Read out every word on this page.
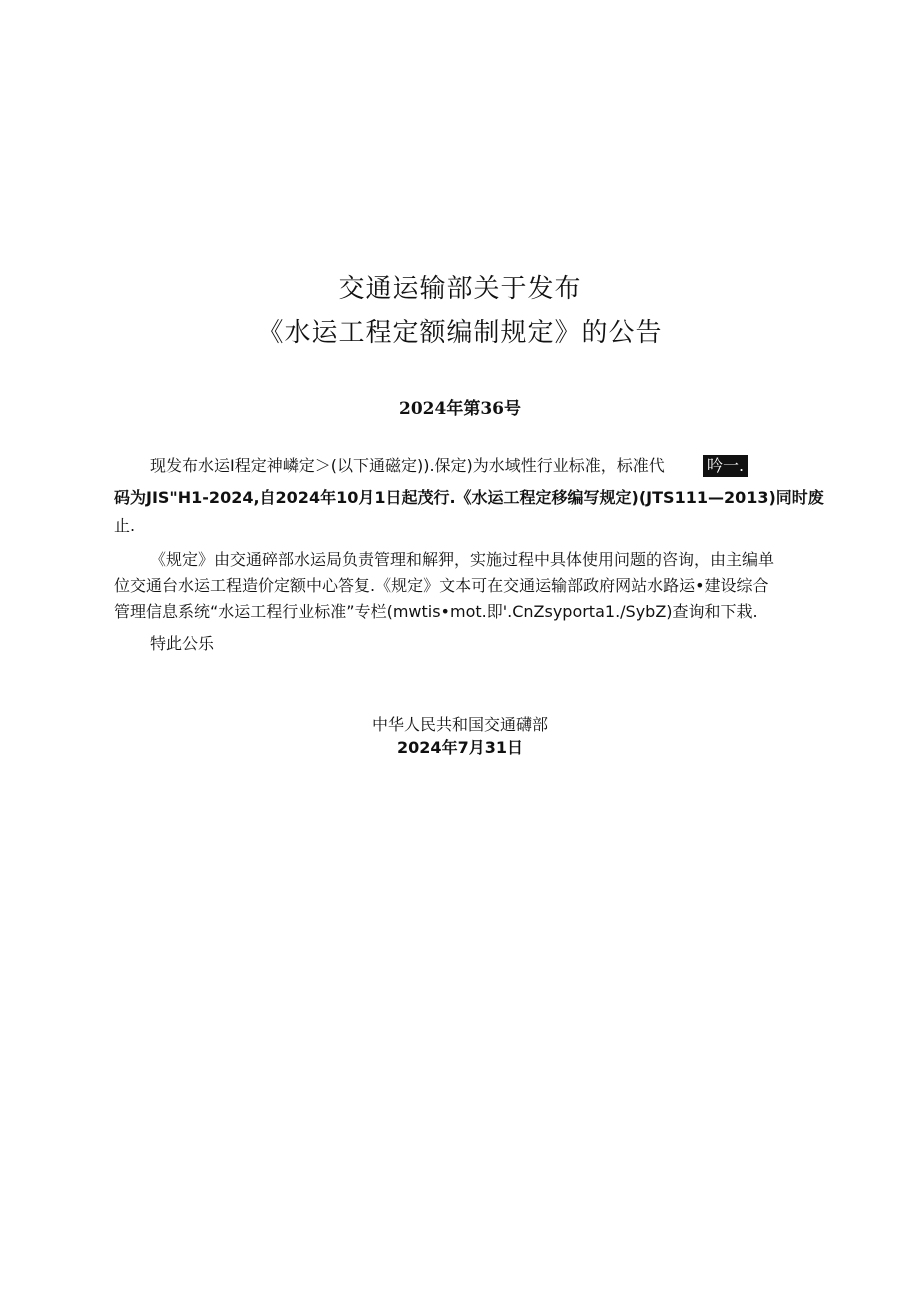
交通运输部关于发布
《水运工程定额编制规定》的公告
2024年第36号
现发布水运I程定神嶙定＞(以下通磁定)).保定)为水域性行业标准，标准代	吟一.
码为JIS"H1-2024,自2024年10月1日起茂行.《水运工程定移编写规定)(JTS111—2013)同时废
止.
《规定》由交通碎部水运局负责管理和解狎，实施过程中具体使用问题的咨询，由主编单
位交通台水运工程造价定额中心答复.《规定》文本可在交通运输部政府网站水路运•建设综合
管理信息系统“水运工程行业标准”专栏(mwtis•mot.即'.CnZsyporta1./SybZ)查询和下栽.
特此公乐
中华人民共和国交通礴部
2024年7月31日
